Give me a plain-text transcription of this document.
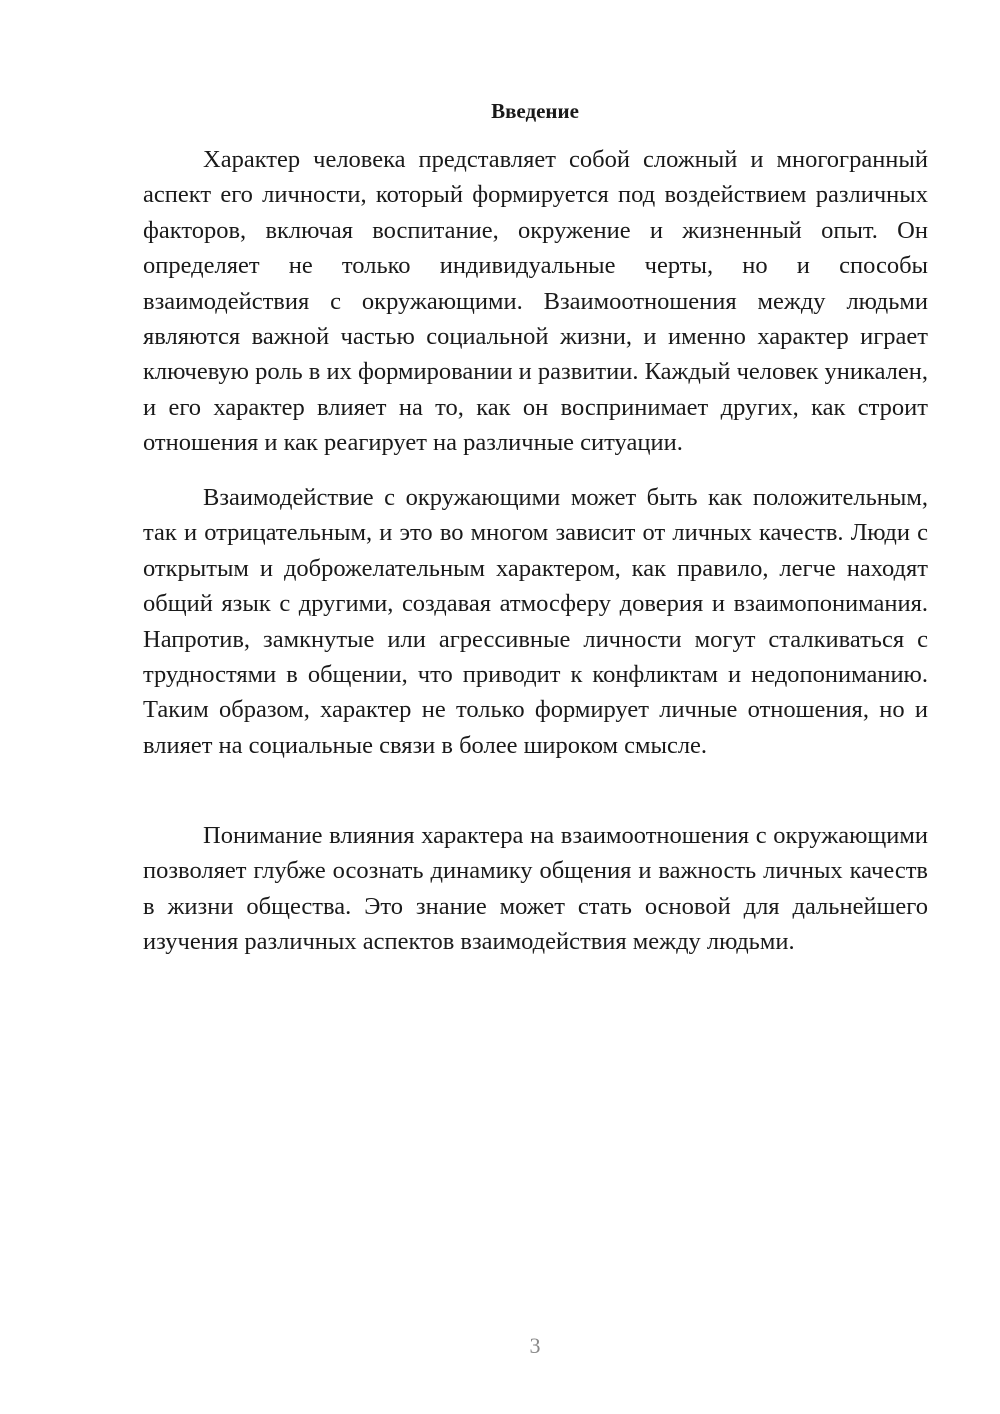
Введение

Характер человека представляет собой сложный и многогранный аспект его личности, который формируется под воздействием различных факторов, включая воспитание, окружение и жизненный опыт. Он определяет не только индивидуальные черты, но и способы взаимодействия с окружающими. Взаимоотношения между людьми являются важной частью социальной жизни, и именно характер играет ключевую роль в их формировании и развитии. Каждый человек уникален, и его характер влияет на то, как он воспринимает других, как строит отношения и как реагирует на различные ситуации.

Взаимодействие с окружающими может быть как положительным, так и отрицательным, и это во многом зависит от личных качеств. Люди с открытым и доброжелательным характером, как правило, легче находят общий язык с другими, создавая атмосферу доверия и взаимопонимания. Напротив, замкнутые или агрессивные личности могут сталкиваться с трудностями в общении, что приводит к конфликтам и недопониманию. Таким образом, характер не только формирует личные отношения, но и влияет на социальные связи в более широком смысле.

Понимание влияния характера на взаимоотношения с окружающими позволяет глубже осознать динамику общения и важность личных качеств в жизни общества. Это знание может стать основой для дальнейшего изучения различных аспектов взаимодействия между людьми.

3
